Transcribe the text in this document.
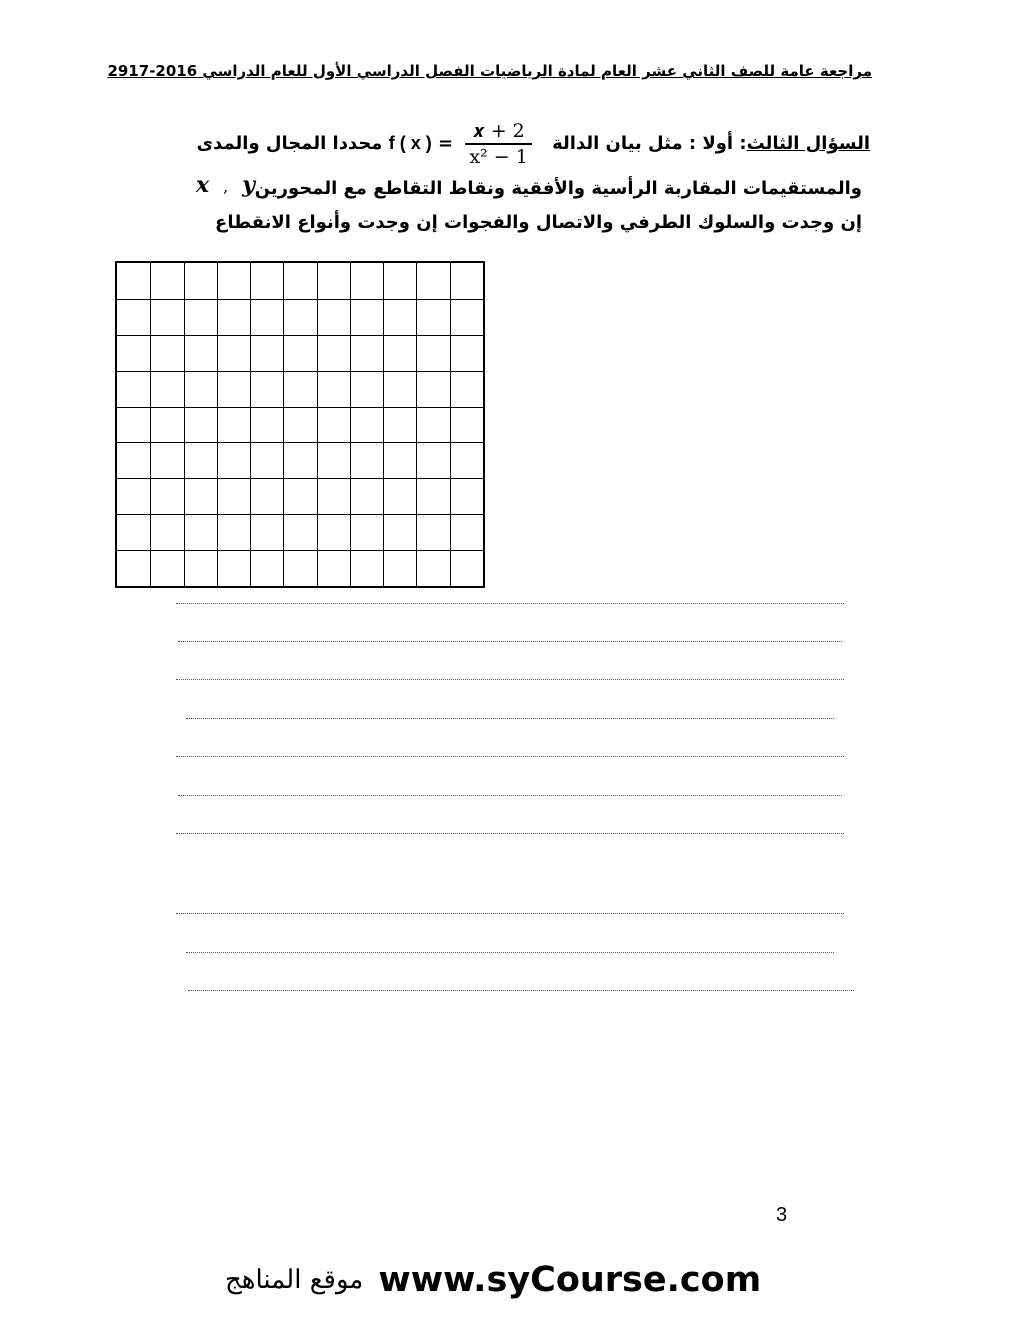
مراجعة عامة للصف الثاني عشر العام لمادة الرياضيات الفصل الدراسي الأول للعام الدراسي 2016-2917
السؤال الثالث: أولا : مثل بيان الدالة
$\frac{\text{𝒙 + 2}}{\text{x² − 1}}$
= f ( x ) محددا المجال والمدى
والمستقيمات المقاربة الرأسية والأفقية ونقاط التقاطع مع المحورين
𝒙 , 𝒚
إن وجدت والسلوك الطرفي والاتصال والفجوات إن وجدت وأنواع الانقطاع
3
موقع المناهج www.syCourse.com
